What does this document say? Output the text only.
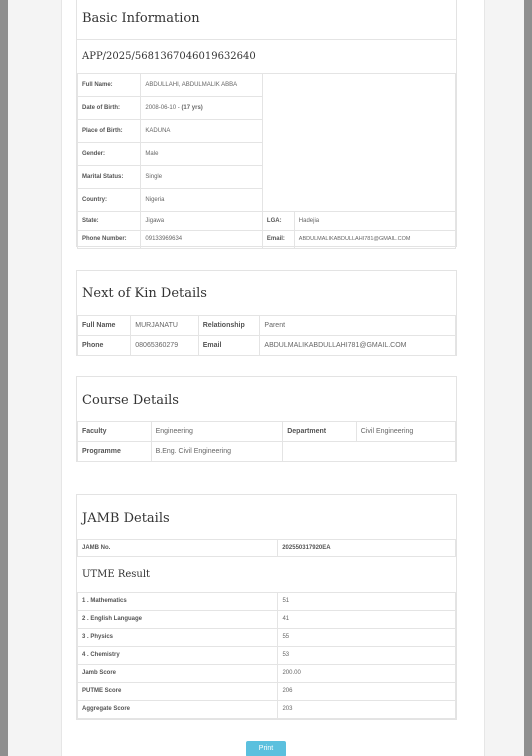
Basic Information
APP/2025/5681367046019632640
Full Name:	ABDULLAHI, ABDULMALIK ABBA		
Date of Birth:	2008-06-10 - (17 yrs)		
Place of Birth:	KADUNA		
Gender:	Male		
Marital Status:	Single		
Country:	Nigeria		
State:	Jigawa	LGA:	Hadejia
Phone Number:	09133969634	Email:	ABDULMALIKABDULLAHI781@GMAIL.COM
Next of Kin Details
Full Name	MURJANATU	Relationship	Parent
Phone	08065360279	Email	ABDULMALIKABDULLAHI781@GMAIL.COM
Course Details
Faculty	Engineering	Department	Civil Engineering
Programme	B.Eng. Civil Engineering		
JAMB Details
JAMB No.	202550317920EA
UTME Result
1 . Mathematics	51
2 . English Language	41
3 . Physics	55
4 . Chemistry	53
Jamb Score	200.00
PUTME Score	206
Aggregate Score	203
Print
